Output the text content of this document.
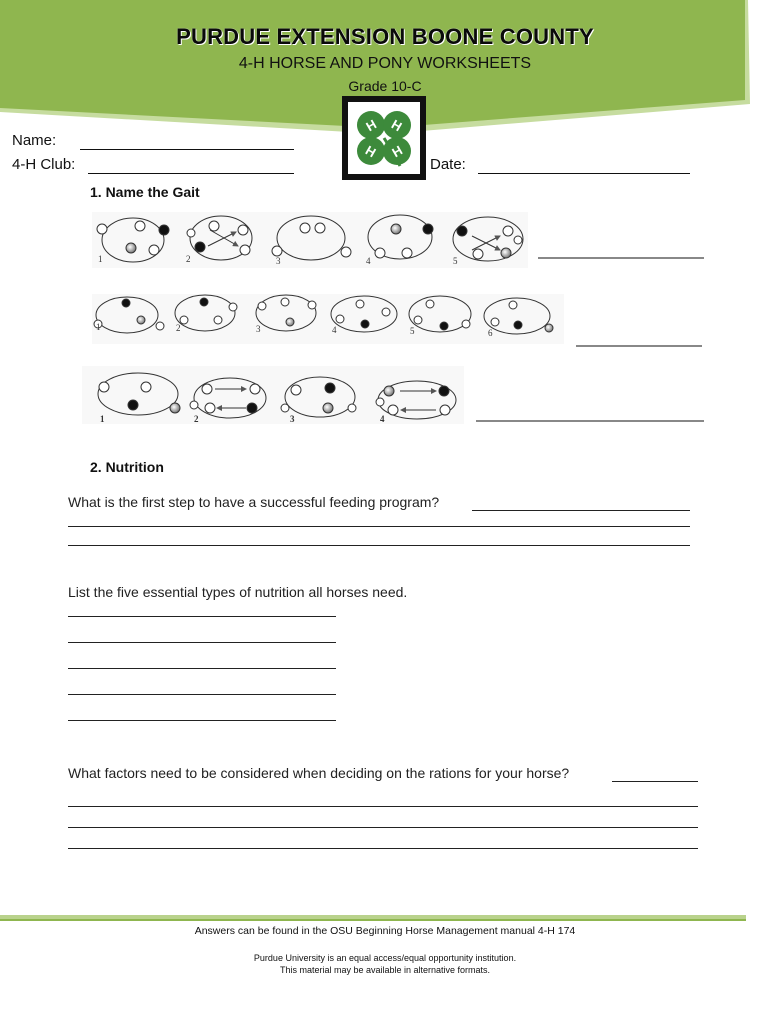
PURDUE EXTENSION BOONE COUNTY
4-H HORSE AND PONY WORKSHEETS
Grade 10-C
H H
H H
Name:
4-H Club:	Date:
1. Name the Gait
1	2	3	4	5
1	2	3	4	5	6
1	2	3	4
2. Nutrition
What is the first step to have a successful feeding program?
List the five essential types of nutrition all horses need.
What factors need to be considered when deciding on the rations for your horse?
Answers can be found in the OSU Beginning Horse Management manual 4-H 174
Purdue University is an equal access/equal opportunity institution.
This material may be available in alternative formats.
